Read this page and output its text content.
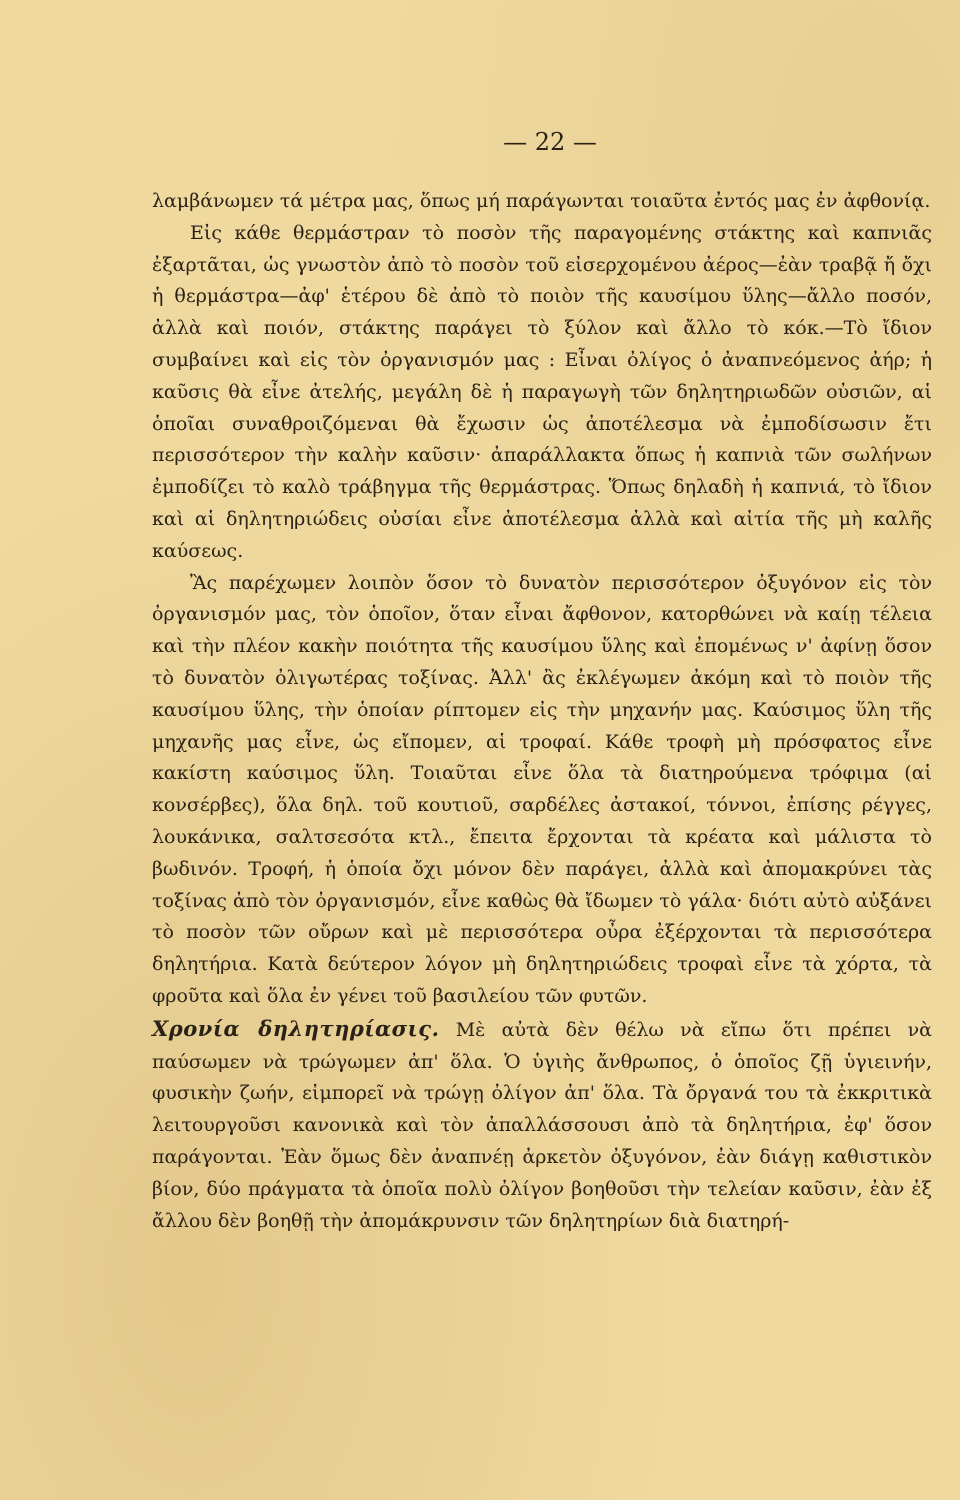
— 22 —

λαμβάνωμεν τά μέτρα μας, ὅπως μή παράγωνται τοιαῦτα ἐντός μας ἐν ἀφθονίᾳ.

Εἰς κάθε θερμάστραν τὸ ποσὸν τῆς παραγομένης στάκτης καὶ καπνιᾶς ἐξαρτᾶται, ὡς γνωστὸν ἀπὸ τὸ ποσὸν τοῦ εἰσερχομένου ἀέρος—ἐὰν τραβᾷ ἤ ὄχι ἡ θερμάστρα—ἀφ' ἑτέρου δὲ ἀπὸ τὸ ποιὸν τῆς καυσίμου ὕλης—ἄλλο ποσόν, ἀλλὰ καὶ ποιόν, στάκτης παράγει τὸ ξύλον καὶ ἄλλο τὸ κόκ.—Τὸ ἴδιον συμβαίνει καὶ εἰς τὸν ὀργανισμόν μας : Εἶναι ὀλίγος ὁ ἀναπνεόμενος ἀήρ; ἡ καῦσις θὰ εἶνε ἀτελής, μεγάλη δὲ ἡ παραγωγὴ τῶν δηλητηριωδῶν οὐσιῶν, αἱ ὁποῖαι συναθροιζόμεναι θὰ ἔχωσιν ὡς ἀποτέλεσμα νὰ ἐμποδίσωσιν ἔτι περισσότερον τὴν καλὴν καῦσιν· ἀπαράλλακτα ὅπως ἡ καπνιὰ τῶν σωλήνων ἐμποδίζει τὸ καλὸ τράβηγμα τῆς θερμάστρας. Ὅπως δηλαδὴ ἡ καπνιά, τὸ ἴδιον καὶ αἱ δηλητηριώδεις οὐσίαι εἶνε ἀποτέλεσμα ἀλλὰ καὶ αἰτία τῆς μὴ καλῆς καύσεως.

Ἂς παρέχωμεν λοιπὸν ὅσον τὸ δυνατὸν περισσότερον ὀξυγόνον εἰς τὸν ὀργανισμόν μας, τὸν ὁποῖον, ὅταν εἶναι ἄφθονον, κατορθώνει νὰ καίῃ τέλεια καὶ τὴν πλέον κακὴν ποιότητα τῆς καυσίμου ὕλης καὶ ἐπομένως ν' ἀφίνῃ ὅσον τὸ δυνατὸν ὀλιγωτέρας τοξίνας. Ἀλλ' ἂς ἐκλέγωμεν ἀκόμη καὶ τὸ ποιὸν τῆς καυσίμου ὕλης, τὴν ὁποίαν ρίπτομεν εἰς τὴν μηχανήν μας. Καύσιμος ὕλη τῆς μηχανῆς μας εἶνε, ὡς εἴπομεν, αἱ τροφαί. Κάθε τροφὴ μὴ πρόσφατος εἶνε κακίστη καύσιμος ὕλη. Τοιαῦται εἶνε ὅλα τὰ διατηρούμενα τρόφιμα (αἱ κονσέρβες), ὅλα δηλ. τοῦ κουτιοῦ, σαρδέλες ἀστακοί, τόννοι, ἐπίσης ρέγγες, λουκάνικα, σαλτσεσότα κτλ., ἔπειτα ἔρχονται τὰ κρέατα καὶ μάλιστα τὸ βωδινόν. Τροφή, ἡ ὁποία ὄχι μόνον δὲν παράγει, ἀλλὰ καὶ ἀπομακρύνει τὰς τοξίνας ἀπὸ τὸν ὀργανισμόν, εἶνε καθὼς θὰ ἴδωμεν τὸ γάλα· διότι αὐτὸ αὐξάνει τὸ ποσὸν τῶν οὔρων καὶ μὲ περισσότερα οὖρα ἐξέρχονται τὰ περισσότερα δηλητήρια. Κατὰ δεύτερον λόγον μὴ δηλητηριώδεις τροφαὶ εἶνε τὰ χόρτα, τὰ φροῦτα καὶ ὅλα ἐν γένει τοῦ βασιλείου τῶν φυτῶν.

Χρονία δηλητηρίασις. Μὲ αὐτὰ δὲν θέλω νὰ εἴπω ὅτι πρέπει νὰ παύσωμεν νὰ τρώγωμεν ἀπ' ὅλα. Ὁ ὑγιὴς ἄνθρωπος, ὁ ὁποῖος ζῇ ὑγιεινήν, φυσικὴν ζωήν, εἰμπορεῖ νὰ τρώγῃ ὀλίγον ἀπ' ὅλα. Τὰ ὄργανά του τὰ ἐκκριτικὰ λειτουργοῦσι κανονικὰ καὶ τὸν ἀπαλλάσσουσι ἀπὸ τὰ δηλητήρια, ἐφ' ὅσον παράγονται. Ἐὰν ὅμως δὲν ἀναπνέῃ ἀρκετὸν ὀξυγόνον, ἐὰν διάγῃ καθιστικὸν βίον, δύο πράγματα τὰ ὁποῖα πολὺ ὀλίγον βοηθοῦσι τὴν τελείαν καῦσιν, ἐὰν ἐξ ἄλλου δὲν βοηθῇ τὴν ἀπομάκρυνσιν τῶν δηλητηρίων διὰ διατηρή-
